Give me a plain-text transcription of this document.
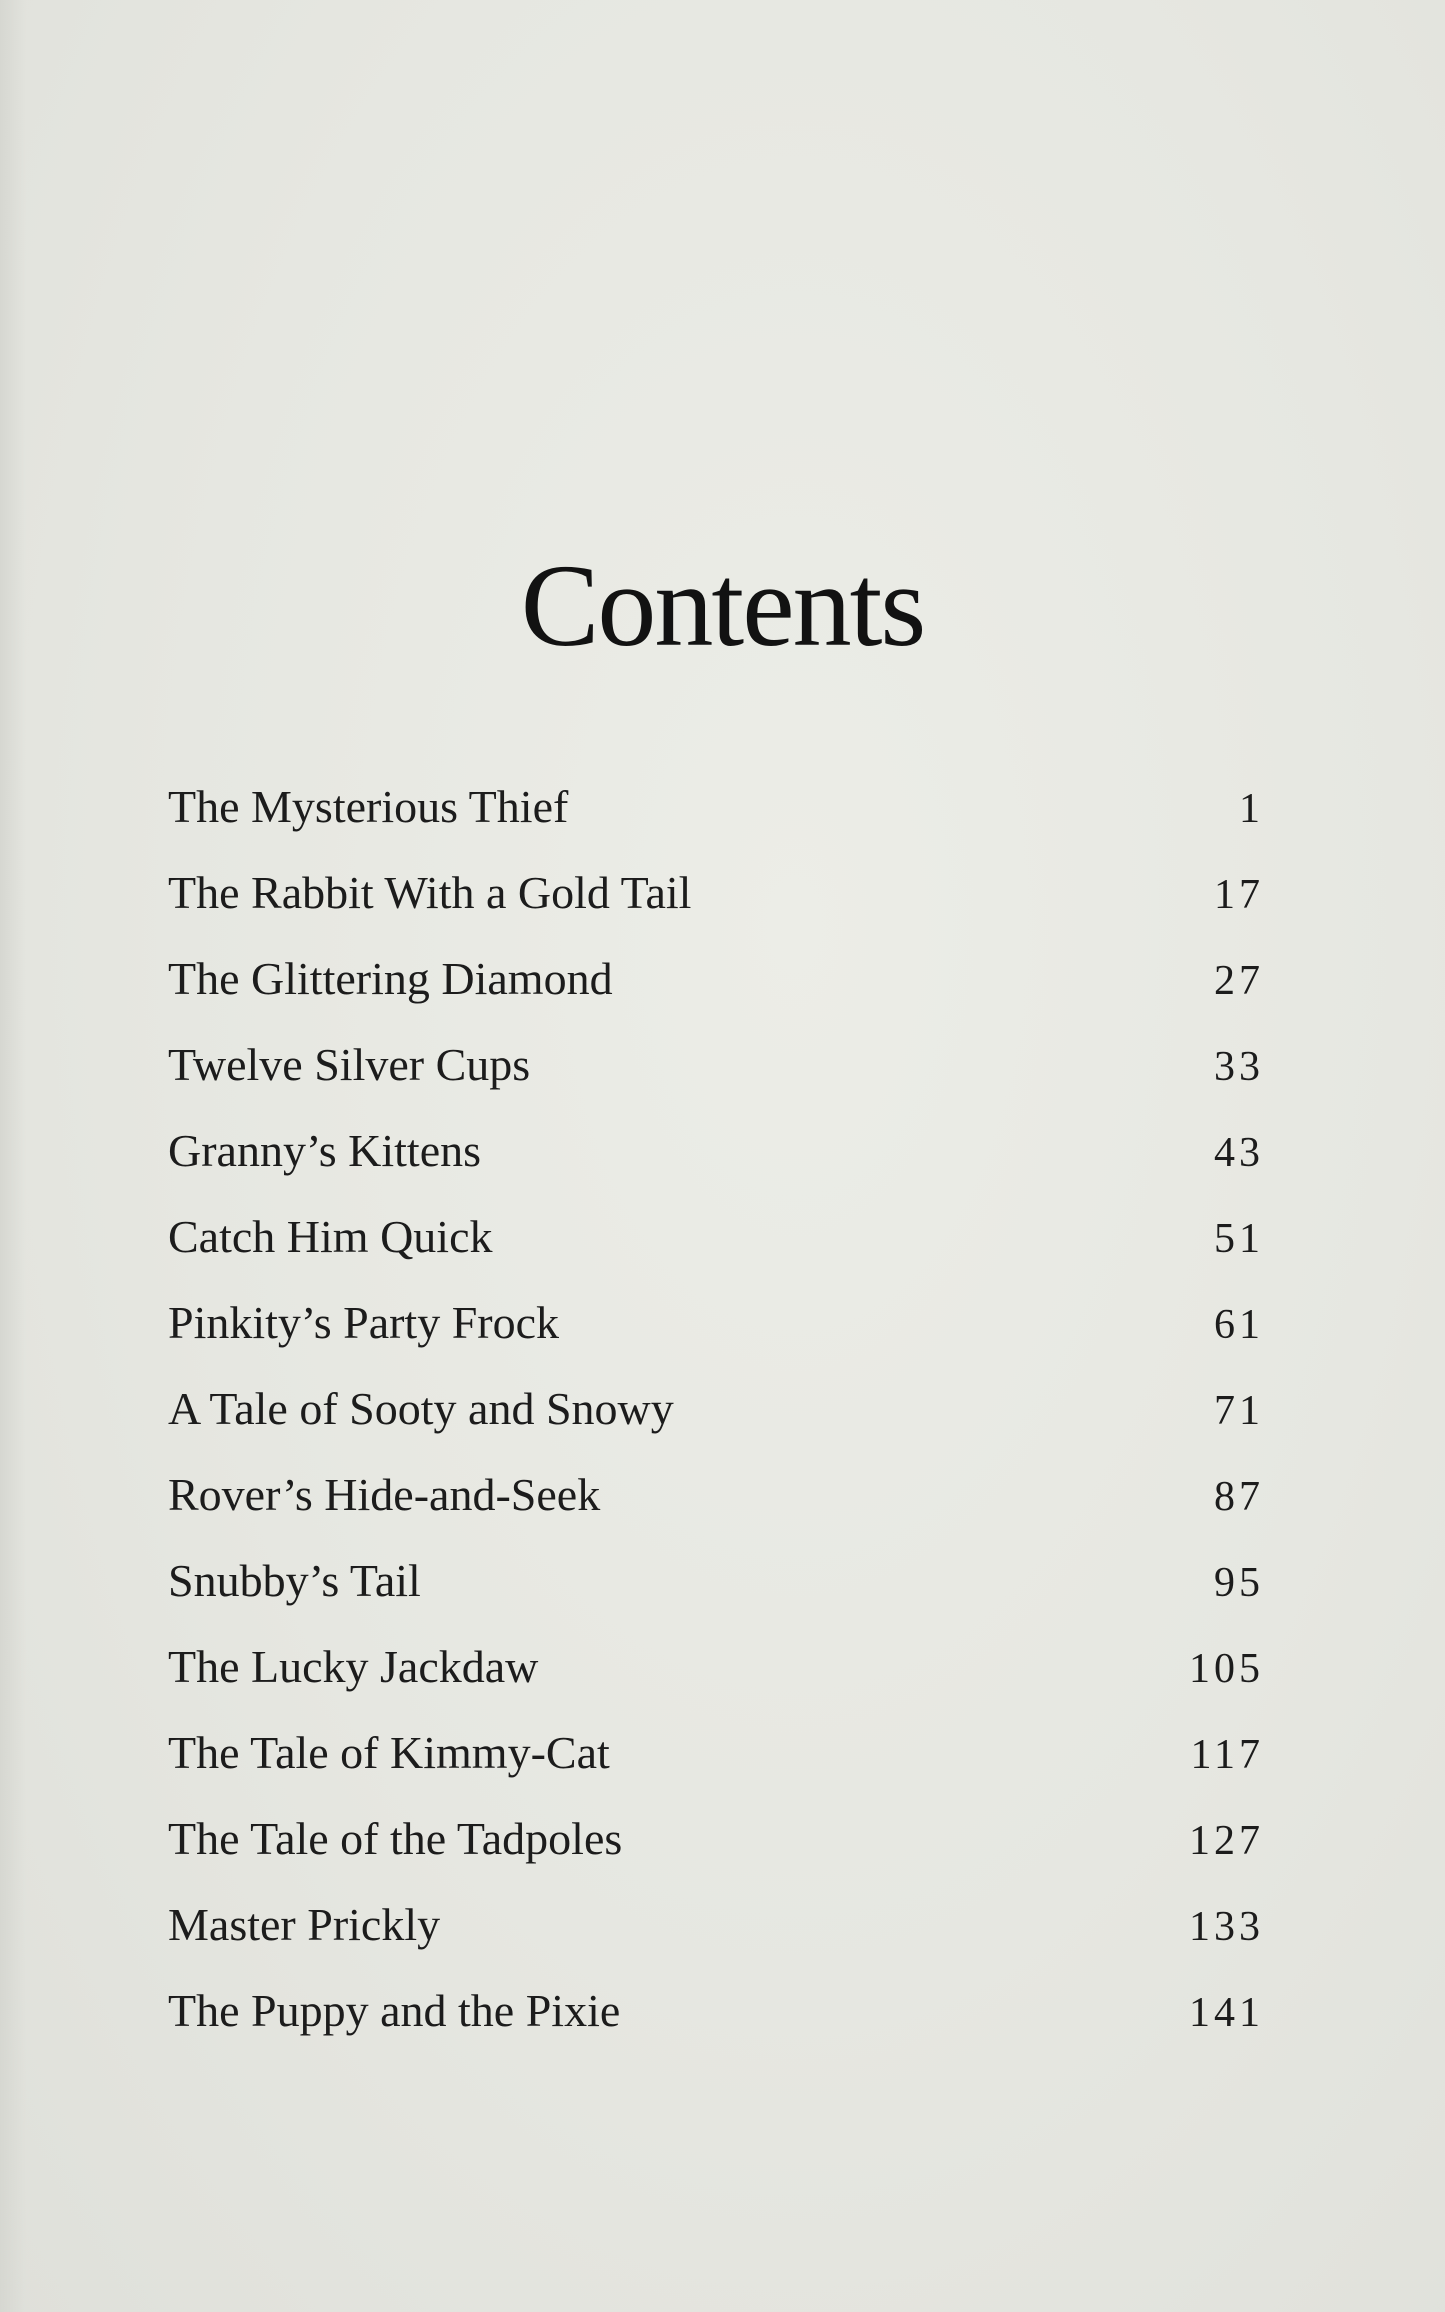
Contents
The Mysterious Thief	1
The Rabbit With a Gold Tail	17
The Glittering Diamond	27
Twelve Silver Cups	33
Granny’s Kittens	43
Catch Him Quick	51
Pinkity’s Party Frock	61
A Tale of Sooty and Snowy	71
Rover’s Hide-and-Seek	87
Snubby’s Tail	95
The Lucky Jackdaw	105
The Tale of Kimmy-Cat	117
The Tale of the Tadpoles	127
Master Prickly	133
The Puppy and the Pixie	141
